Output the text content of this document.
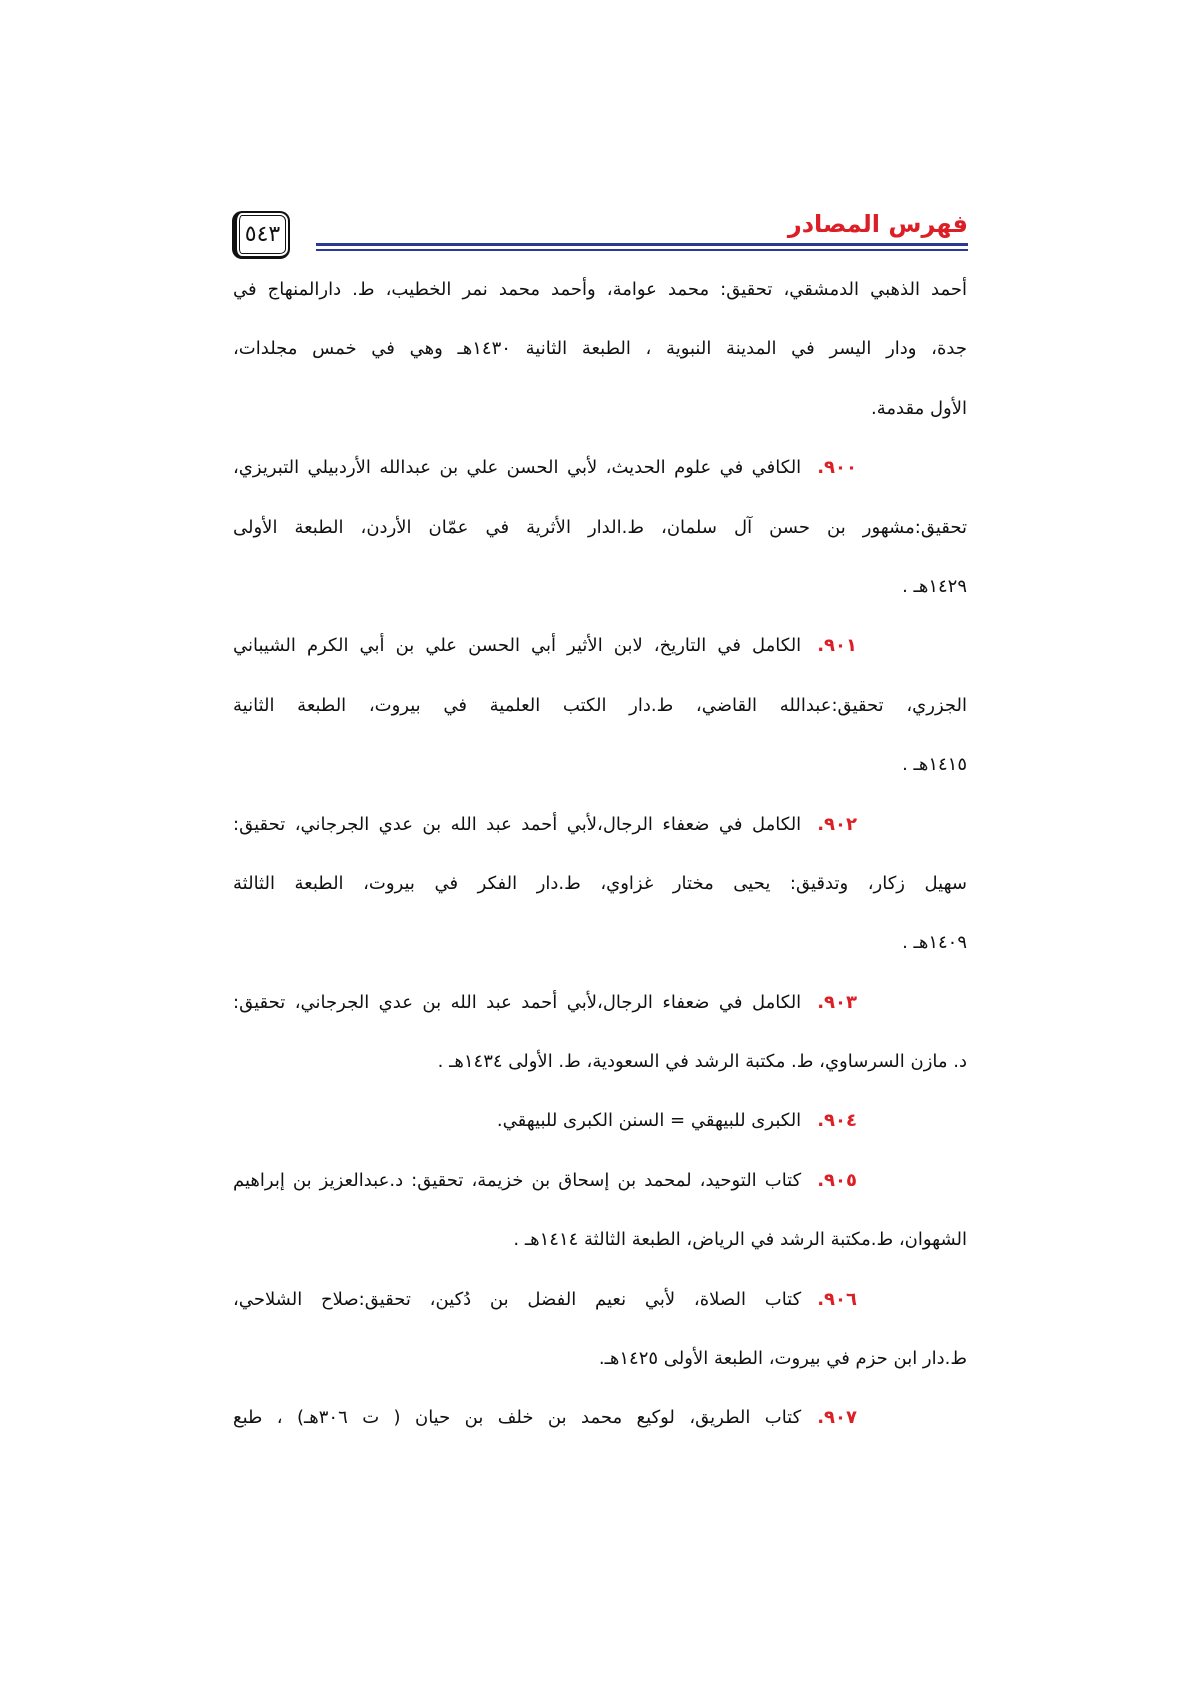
٥٤٣	فهرس المصادر
أحمد الذهبي الدمشقي، تحقيق: محمد عوامة، وأحمد محمد نمر الخطيب، ط. دارالمنهاج في
جدة، ودار اليسر في المدينة النبوية ، الطبعة الثانية ١٤٣٠هـ وهي في خمس مجلدات،
الأول مقدمة.
٩٠٠.الكافي في علوم الحديث، لأبي الحسن علي بن عبدالله الأردبيلي التبريزي،
تحقيق:مشهور بن حسن آل سلمان، ط.الدار الأثرية في عمّان الأردن، الطبعة الأولى
١٤٢٩هـ .
٩٠١.الكامل في التاريخ، لابن الأثير أبي الحسن علي بن أبي الكرم الشيباني
الجزري، تحقيق:عبدالله القاضي، ط.دار الكتب العلمية في بيروت، الطبعة الثانية
١٤١٥هـ .
٩٠٢.الكامل في ضعفاء الرجال،لأبي أحمد عبد الله بن عدي الجرجاني، تحقيق:
سهيل زكار، وتدقيق: يحيى مختار غزاوي، ط.دار الفكر في بيروت، الطبعة الثالثة
١٤٠٩هـ .
٩٠٣.الكامل في ضعفاء الرجال،لأبي أحمد عبد الله بن عدي الجرجاني، تحقيق:
د. مازن السرساوي، ط. مكتبة الرشد في السعودية، ط. الأولى ١٤٣٤هـ .
٩٠٤.الكبرى للبيهقي = السنن الكبرى للبيهقي.
٩٠٥.كتاب التوحيد، لمحمد بن إسحاق بن خزيمة، تحقيق: د.عبدالعزيز بن إبراهيم
الشهوان، ط.مكتبة الرشد في الرياض، الطبعة الثالثة ١٤١٤هـ .
٩٠٦.كتاب الصلاة، لأبي نعيم الفضل بن دُكين، تحقيق:صلاح الشلاحي،
ط.دار ابن حزم في بيروت، الطبعة الأولى ١٤٢٥هـ.
٩٠٧.كتاب الطريق، لوكيع محمد بن خلف بن حيان ( ت ٣٠٦هـ) ، طبع
